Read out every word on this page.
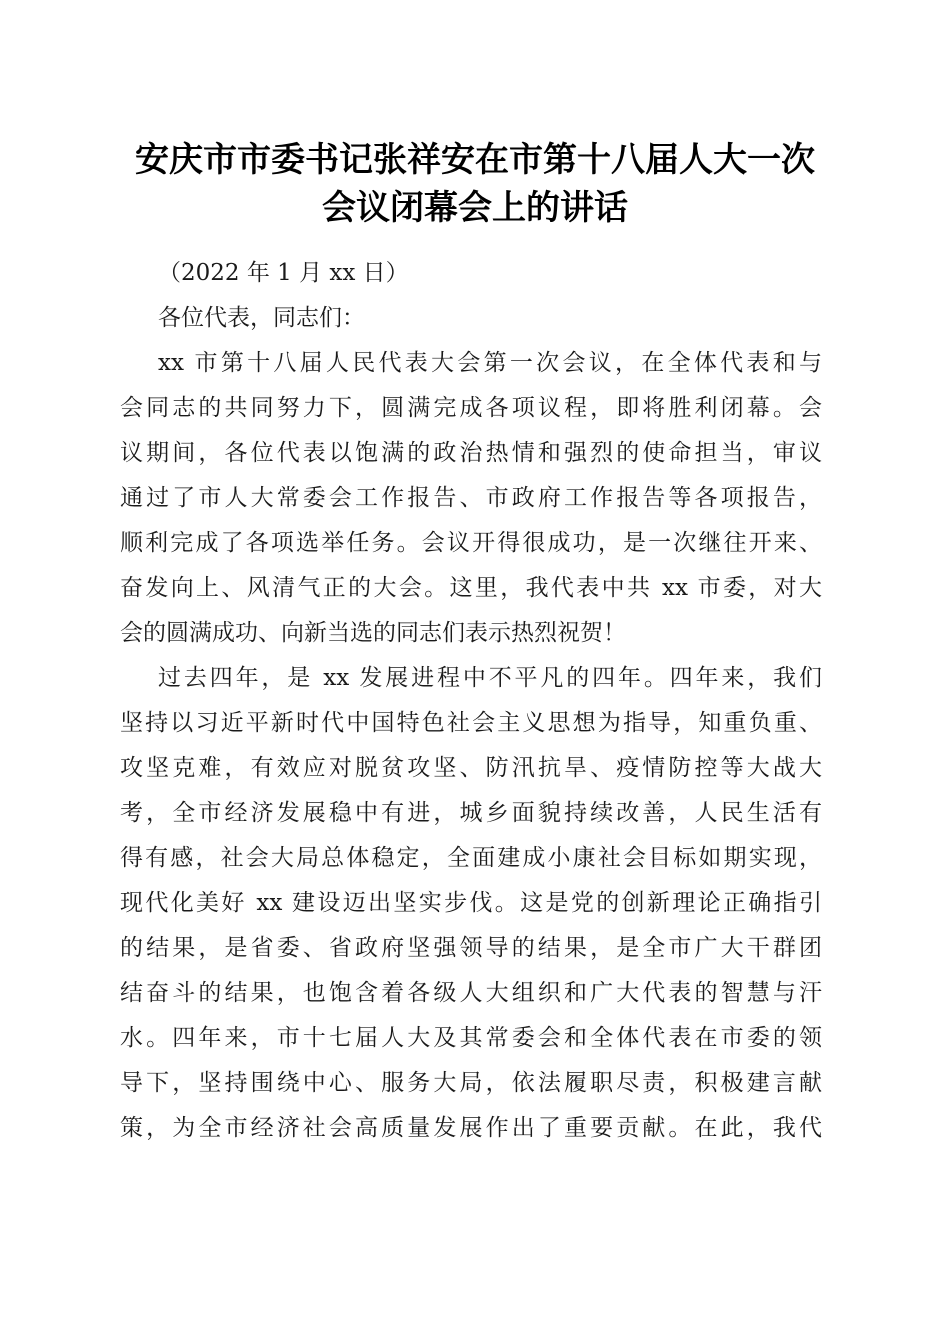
安庆市市委书记张祥安在市第十八届人大一次
会议闭幕会上的讲话
（2022 年 1 月 xx 日）
各位代表，同志们：
xx 市第十八届人民代表大会第一次会议，在全体代表和与
会同志的共同努力下，圆满完成各项议程，即将胜利闭幕。会
议期间，各位代表以饱满的政治热情和强烈的使命担当，审议
通过了市人大常委会工作报告、市政府工作报告等各项报告，
顺利完成了各项选举任务。会议开得很成功，是一次继往开来、
奋发向上、风清气正的大会。这里，我代表中共 xx 市委，对大
会的圆满成功、向新当选的同志们表示热烈祝贺！
过去四年，是 xx 发展进程中不平凡的四年。四年来，我们
坚持以习近平新时代中国特色社会主义思想为指导，知重负重、
攻坚克难，有效应对脱贫攻坚、防汛抗旱、疫情防控等大战大
考，全市经济发展稳中有进，城乡面貌持续改善，人民生活有
得有感，社会大局总体稳定，全面建成小康社会目标如期实现，
现代化美好 xx 建设迈出坚实步伐。这是党的创新理论正确指引
的结果，是省委、省政府坚强领导的结果，是全市广大干群团
结奋斗的结果，也饱含着各级人大组织和广大代表的智慧与汗
水。四年来，市十七届人大及其常委会和全体代表在市委的领
导下，坚持围绕中心、服务大局，依法履职尽责，积极建言献
策，为全市经济社会高质量发展作出了重要贡献。在此，我代
